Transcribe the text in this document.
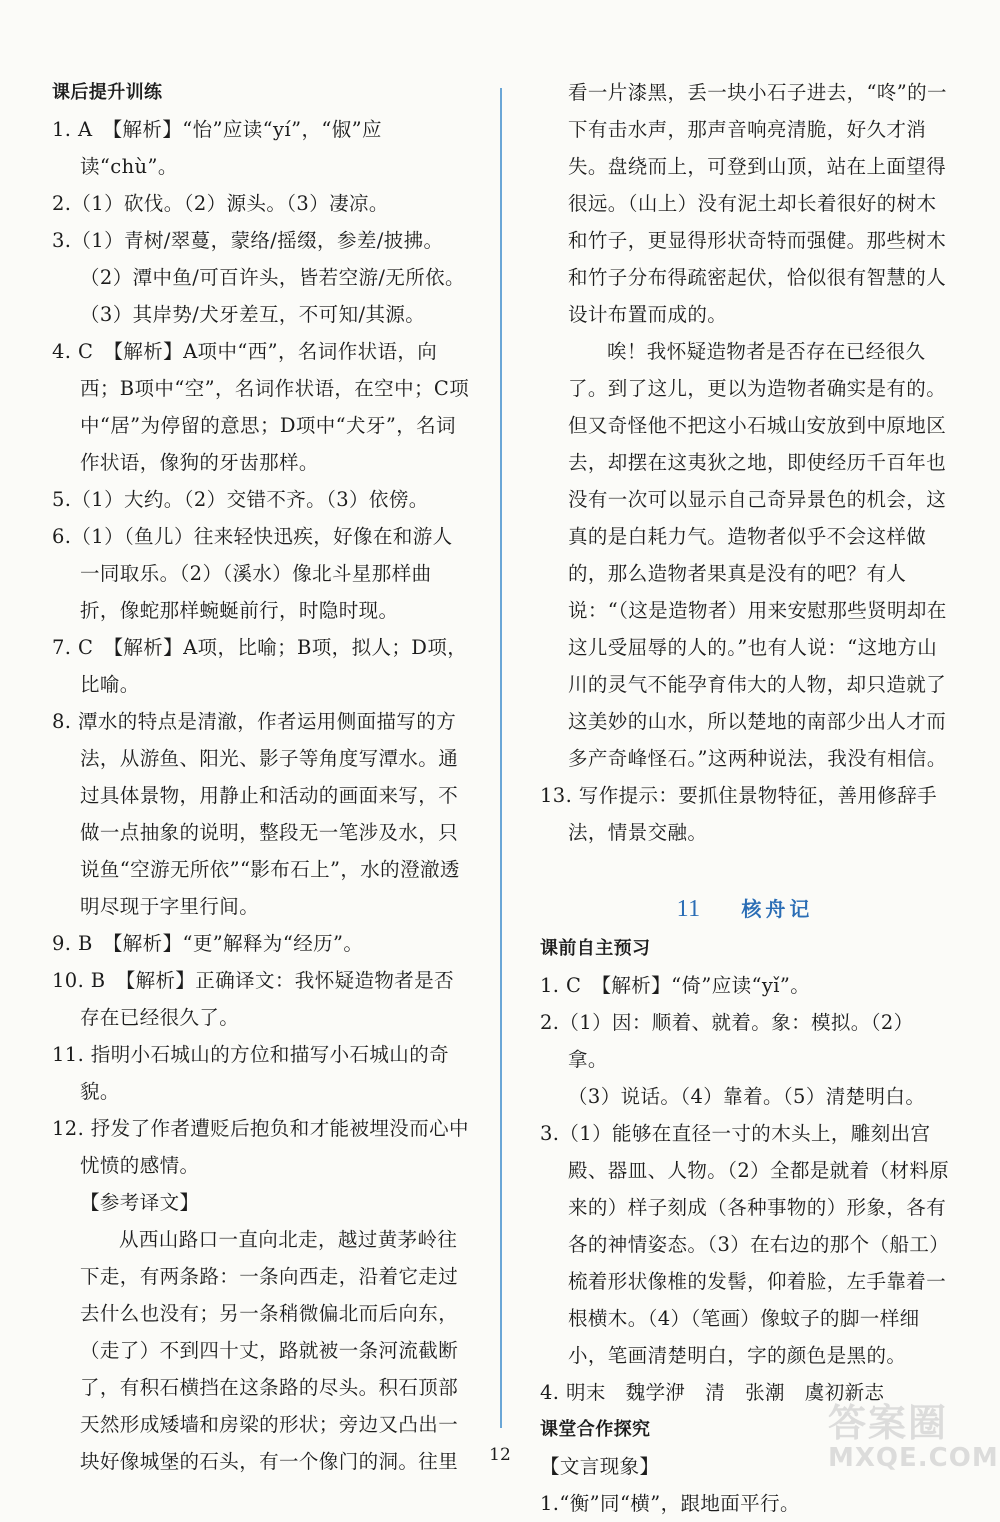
课后提升训练

1. A　【解析】“怡”应读“yí”，“俶”应读“chù”。

2.（1）砍伐。（2）源头。（3）凄凉。

3.（1）青树/翠蔓，蒙络/摇缀，参差/披拂。

（2）潭中鱼/可百许头，皆若空游/无所依。

（3）其岸势/犬牙差互，不可知/其源。

4. C　【解析】A项中“西”，名词作状语，向西；B项中“空”，名词作状语，在空中；C项中“居”为停留的意思；D项中“犬牙”，名词作状语，像狗的牙齿那样。

5.（1）大约。（2）交错不齐。（3）依傍。

6.（1）（鱼儿）往来轻快迅疾，好像在和游人一同取乐。（2）（溪水）像北斗星那样曲折，像蛇那样蜿蜒前行，时隐时现。

7. C　【解析】A项，比喻；B项，拟人；D项，比喻。

8. 潭水的特点是清澈，作者运用侧面描写的方法，从游鱼、阳光、影子等角度写潭水。通过具体景物，用静止和活动的画面来写，不做一点抽象的说明，整段无一笔涉及水，只说鱼“空游无所依”“影布石上”，水的澄澈透明尽现于字里行间。

9. B　【解析】“更”解释为“经历”。

10. B　【解析】正确译文：我怀疑造物者是否存在已经很久了。

11. 指明小石城山的方位和描写小石城山的奇貌。

12. 抒发了作者遭贬后抱负和才能被埋没而心中忧愤的感情。

【参考译文】

从西山路口一直向北走，越过黄茅岭往下走，有两条路：一条向西走，沿着它走过去什么也没有；另一条稍微偏北而后向东，（走了）不到四十丈，路就被一条河流截断了，有积石横挡在这条路的尽头。积石顶部天然形成矮墙和房梁的形状；旁边又凸出一块好像城堡的石头，有一个像门的洞。往里

看一片漆黑，丢一块小石子进去，“咚”的一下有击水声，那声音响亮清脆，好久才消失。盘绕而上，可登到山顶，站在上面望得很远。（山上）没有泥土却长着很好的树木和竹子，更显得形状奇特而强健。那些树木和竹子分布得疏密起伏，恰似很有智慧的人设计布置而成的。

唉！我怀疑造物者是否存在已经很久了。到了这儿，更以为造物者确实是有的。但又奇怪他不把这小石城山安放到中原地区去，却摆在这夷狄之地，即使经历千百年也没有一次可以显示自己奇异景色的机会，这真的是白耗力气。造物者似乎不会这样做的，那么造物者果真是没有的吧？有人说：“（这是造物者）用来安慰那些贤明却在这儿受屈辱的人的。”也有人说：“这地方山川的灵气不能孕育伟大的人物，却只造就了这美妙的山水，所以楚地的南部少出人才而多产奇峰怪石。”这两种说法，我没有相信。

13. 写作提示：要抓住景物特征，善用修辞手法，情景交融。

11 核舟记
课前自主预习

1. C　【解析】“倚”应读“yǐ”。

2.（1）因：顺着、就着。象：模拟。（2）拿。

（3）说话。（4）靠着。（5）清楚明白。

3.（1）能够在直径一寸的木头上，雕刻出宫殿、器皿、人物。（2）全都是就着（材料原来的）样子刻成（各种事物的）形象，各有各的神情姿态。（3）在右边的那个（船工）梳着形状像椎的发髻，仰着脸，左手靠着一根横木。（4）（笔画）像蚊子的脚一样细小，笔画清楚明白，字的颜色是黑的。

4. 明末　魏学洢　清　张潮　虞初新志

课堂合作探究

【文言现象】

1.“衡”同“横”，跟地面平行。

12
答案圈
MXQE.COM
